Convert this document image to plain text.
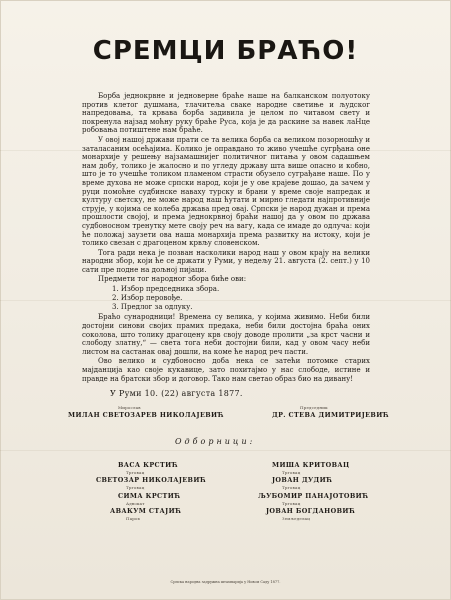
СРЕМЦИ БРАЋО!

Борба једнокрвне и једноверне браће наше на балканском полуотоку против клетог душмана, тлачитеља сваке народне светиње и људског напредовања, та крвава борба задивила је целом по читавом свету и покренула најзад моћну руку браће Руса, која је да раскине за навек лаНце робовања потиштене нам браће.

У овој нашој држави прати се та велика борба са великом позорношћу и заталасаним осећајима. Колико је оправдано то живо учешће сугрђана оне монархије у решењу најзамашнијег политичног питања у овом садашњем нам добу, толико је жалосно и по угледу државу шта више опасно и кобно, што је то учешће толиком пламеном страсти обузело суграђане наше. По у време духова не може српски народ, који је у ове крајеве дошао, да зачем у руци помоћне судбинске наваху турску и брани у време своје напредак и културу светску, не може народ наш ћутати и мирно гледати најпротивније струје, у којима се колеба држава пред овај. Српски је народ дужан и према прошлости својој, и према једнокрвној браћи нашој да у овом по држава судбоносном тренутку мете своју реч на вагу, када се имаде до одлуча: који ће положај заузети ова наша монархија према развитку на истоку, који је толико свезан с драгоценом крвљу словенском.

Тога ради нека је позван насколики народ наш у овом крају на велики народни збор, који ће се држати у Руми, у недељу 21. августа (2. септ.) у 10 сати пре подне на дољној пијаци.

Предмети тог народног збора биће ови:

1. Избор председника збора.
2. Избор перовође.
3. Предлог за одлуку.

Браћо сународници! Времена су велика, у којима живимо. Неби били достојни синови својих прамих предака, неби били достојна браћа оних соколова, што толику драгоцену крв своју доводе пролити „за крст часни и слободу златну,“ — света тога неби достојни били, кад у овом часу неби листом на састанак овај дошли, на коме ће народ реч пасти.

Ово велико и судбоносно доба нека се затећи потомке старих мајданција као своје кукавице, зато похитајмо у нас слободе, истине и правде на братски збор и договор. Тако нам светао образ био на дивану!

У Руми 10. (22) августа 1877.
Мирослав
МИЛАН СВЕТОЗАРЕВ НИКОЛАЈЕВИЋ
Председник
ДР. СТЕВА ДИМИТРИЈЕВИЋ
Одборници:
ВАСА КРСТИЋ
Трговац
СВЕТОЗАР НИКОЛАЈЕВИЋ
Трговац
СИМА КРСТИЋ
Адвокат
АВАКУМ СТАЈИЋ
Парох
МИША КРИТОВАЦ
Трговац
ЈОВАН ДУДИЋ
Трговац
ЉУБОМИР ПАНАЈОТОВИЋ
Трговац
ЈОВАН БОГДАНОВИЋ
Земљеделац
Српска народна задружна штампарија у Новом Саду 1877.
